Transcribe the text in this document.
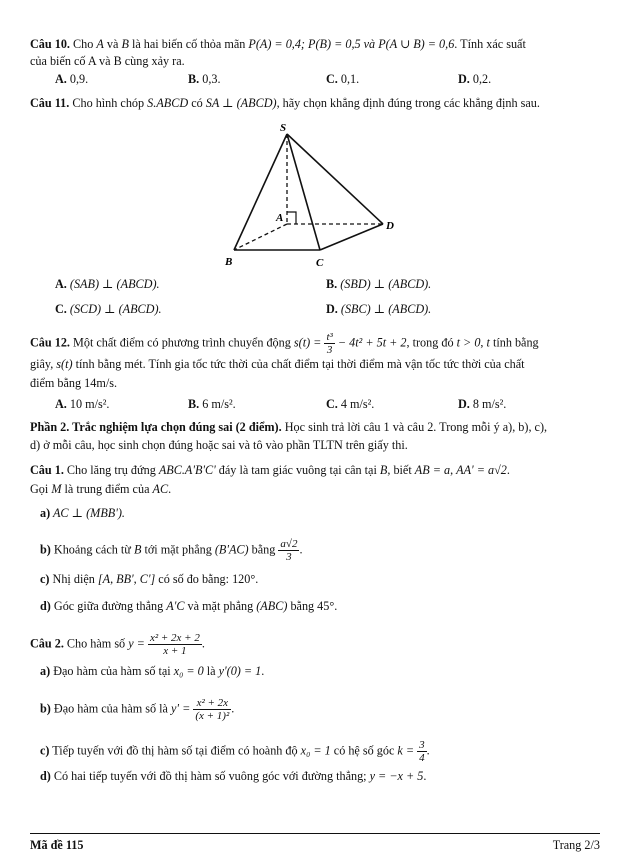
Câu 10. Cho A và B là hai biến cố thỏa mãn P(A) = 0,4; P(B) = 0,5 và P(A ∪ B) = 0,6. Tính xác suất
của biến cố A và B cùng xảy ra.
A. 0,9.	B. 0,3.	C. 0,1.	D. 0,2.
Câu 11. Cho hình chóp S.ABCD có SA ⊥ (ABCD), hãy chọn khẳng định đúng trong các khẳng định sau.
S
A
B	C
D
A. (SAB) ⊥ (ABCD).	B. (SBD) ⊥ (ABCD).
C. (SCD) ⊥ (ABCD).	D. (SBC) ⊥ (ABCD).
Câu 12. Một chất điểm có phương trình chuyển động $s(t) = \frac{\text{t³}}{3} - 4t^2 + 5t + 2$, trong đó t > 0, t tính bằng
giây, s(t) tính bằng mét. Tính gia tốc tức thời của chất điểm tại thời điểm mà vận tốc tức thời của chất
điểm bằng 14m/s.
A. 10 m/s².	B. 6 m/s².	C. 4 m/s².	D. 8 m/s².
Phần 2. Trắc nghiệm lựa chọn đúng sai (2 điểm). Học sinh trả lời câu 1 và câu 2. Trong mỗi ý a), b), c),
d) ở mỗi câu, học sinh chọn đúng hoặc sai và tô vào phần TLTN trên giấy thi.
Câu 1. Cho lăng trụ đứng ABC.A'B'C' đáy là tam giác vuông tại cân tại B, biết AB = a, AA' = a√2.
Gọi M là trung điểm của AC.
a) AC ⊥ (MBB').
b) Khoảng cách từ B tới mặt phẳng (B'AC) bằng $\frac{a√2}{3}$ .
c) Nhị diện [A, BB', C'] có số đo bằng: 120°.
d) Góc giữa đường thẳng A'C và mặt phẳng (ABC) bằng 45°.
Câu 2. Cho hàm số $y = \frac{\text{x² + 2x + 2}}{x + 1}$ .
a) Đạo hàm của hàm số tại x₀ = 0 là y'(0) = 1.
b) Đạo hàm của hàm số là $y' = \frac{\text{x² + 2x}}{\text{(x + 1)²}}$ .
c) Tiếp tuyến với đồ thị hàm số tại điểm có hoành độ x₀ = 1 có hệ số góc $k = \frac{3}{4}$ .
d) Có hai tiếp tuyến với đồ thị hàm số vuông góc với đường thẳng; y = −x + 5.
Mã đề 115	Trang 2/3
